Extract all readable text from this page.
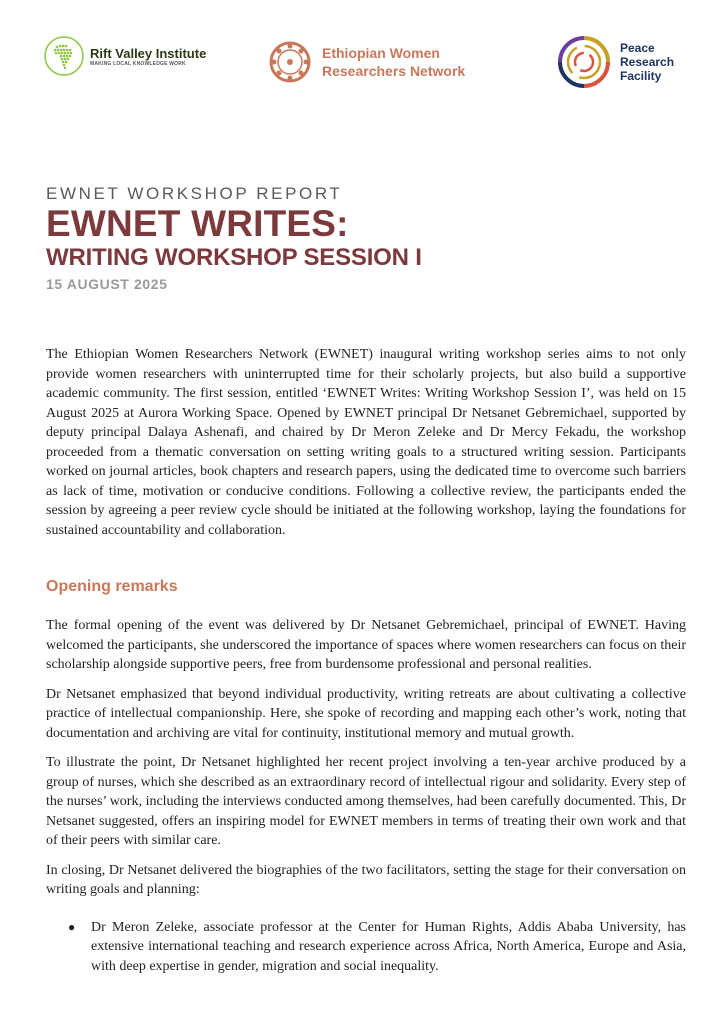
Rift Valley Institute
MAKING LOCAL KNOWLEDGE WORK
Ethiopian Women
Researchers Network
Peace
Research
Facility
EWNET WORKSHOP REPORT
EWNET WRITES:
WRITING WORKSHOP SESSION I
15 AUGUST 2025

The Ethiopian Women Researchers Network (EWNET) inaugural writing workshop series aims to not only provide women researchers with uninterrupted time for their scholarly projects, but also build a supportive academic community. The first session, entitled ‘EWNET Writes: Writing Workshop Session I’, was held on 15 August 2025 at Aurora Working Space. Opened by EWNET principal Dr Netsanet Gebremichael, supported by deputy principal Dalaya Ashenafi, and chaired by Dr Meron Zeleke and Dr Mercy Fekadu, the workshop proceeded from a thematic conversation on setting writing goals to a structured writing session. Participants worked on journal articles, book chapters and research papers, using the dedicated time to overcome such barriers as lack of time, motivation or conducive conditions. Following a collective review, the participants ended the session by agreeing a peer review cycle should be initiated at the following workshop, laying the foundations for sustained accountability and collaboration.

Opening remarks

The formal opening of the event was delivered by Dr Netsanet Gebremichael, principal of EWNET. Having welcomed the participants, she underscored the importance of spaces where women researchers can focus on their scholarship alongside supportive peers, free from burdensome professional and personal realities.

Dr Netsanet emphasized that beyond individual productivity, writing retreats are about cultivating a collective practice of intellectual companionship. Here, she spoke of recording and mapping each other’s work, noting that documentation and archiving are vital for continuity, institutional memory and mutual growth.

To illustrate the point, Dr Netsanet highlighted her recent project involving a ten-year archive produced by a group of nurses, which she described as an extraordinary record of intellectual rigour and solidarity. Every step of the nurses’ work, including the interviews conducted among themselves, had been carefully documented. This, Dr Netsanet suggested, offers an inspiring model for EWNET members in terms of treating their own work and that of their peers with similar care.

In closing, Dr Netsanet delivered the biographies of the two facilitators, setting the stage for their conversation on writing goals and planning:

● Dr Meron Zeleke, associate professor at the Center for Human Rights, Addis Ababa University, has extensive international teaching and research experience across Africa, North America, Europe and Asia, with deep expertise in gender, migration and social inequality.
